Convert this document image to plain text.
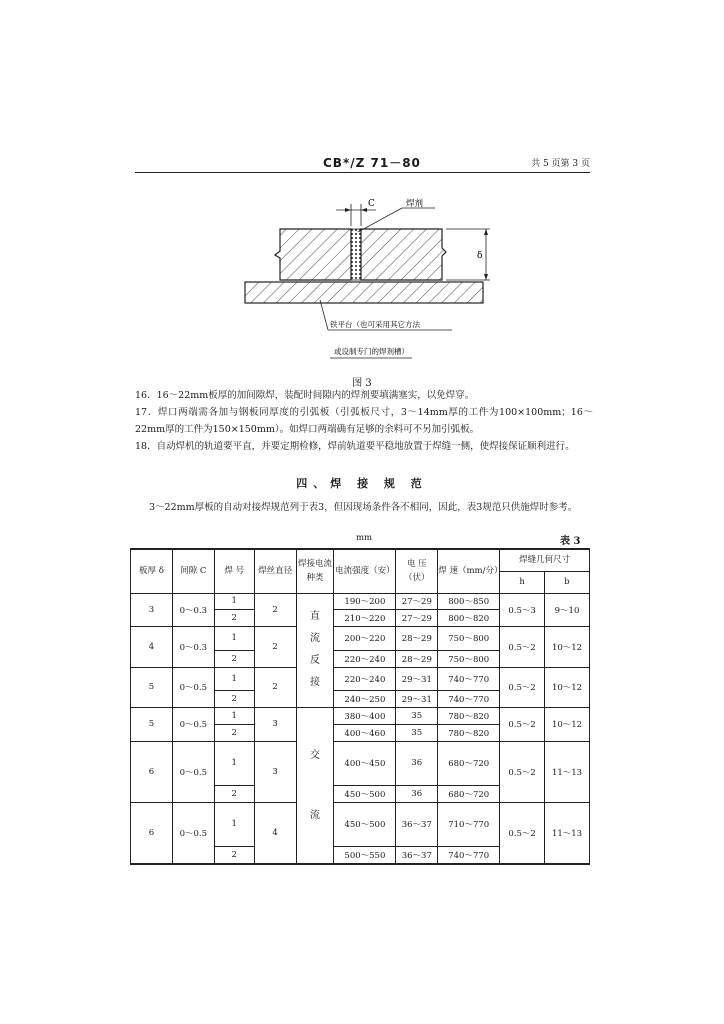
CB*/Z 71－80	共 5 页第 3 页
C	焊剂
δ
铁平台（也可采用其它方法
或设制专门的焊剂槽）
图 3
16．16～22mm板厚的加间隙焊，装配时间隙内的焊剂要填满塞实，以免焊穿。
17．焊口两端需各加与钢板同厚度的引弧板（引弧板尺寸，3～14mm厚的工件为100×100mm；16～22mm厚的工件为150×150mm）。如焊口两端确有足够的余料可不另加引弧板。
18．自动焊机的轨道要平直，并要定期检修，焊前轨道要平稳地放置于焊缝一侧，使焊接保证顺利进行。
四、焊 接 规 范
3～22mm厚板的自动对接焊规范列于表3，但因现场条件各不相同，因此，表3规范只供施焊时参考。
mm	表 3
板厚 δ	间隙 C	焊 号	焊丝直径	焊接电流种类	电流强度（安）	电 压（伏）	焊 速（mm/分）	焊缝几何尺寸	
								h	b
3	0～0.3	1	2	直流反接	190～200	27～29	800～850	0.5～3	9～10
		2			210～220	27～29	800～820		
4	0～0.3	1	2		200～220	28～29	750～800	0.5～2	10～12
		2			220～240	28～29	750～800		
5	0～0.5	1	2		220～240	29～31	740～770	0.5～2	10～12
		2			240～250	29～31	740～770		
5	0～0.5	1	3	交流	380～400	35	780～820	0.5～2	10～12
		2			400～460	35	780～820		
6	0～0.5	1	3		400～450	36	680～720	0.5～2	11～13
		2			450～500	36	680～720		
6	0～0.5	1	4		450～500	36～37	710～770	0.5～2	11～13
		2			500～550	36～37	740～770		
